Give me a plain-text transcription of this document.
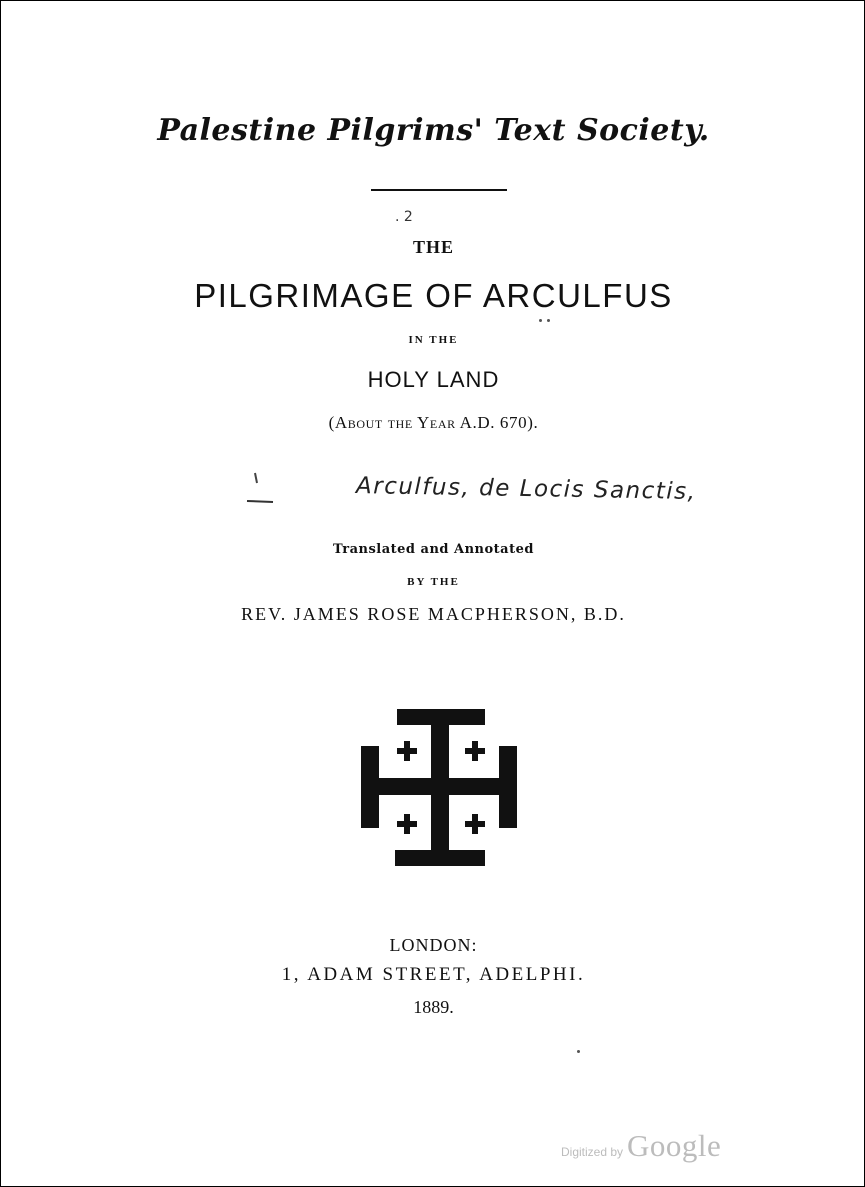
Palestine Pilgrims' Text Society.
. 2
THE
PILGRIMAGE OF ARCULFUS
IN THE
HOLY LAND
(About the Year A.D. 670).
Arculfus, de Locis Sanctis,
Translated and Annotated
BY THE
REV. JAMES ROSE MACPHERSON, B.D.
LONDON:
1, ADAM STREET, ADELPHI.
1889.
Digitized by Google
